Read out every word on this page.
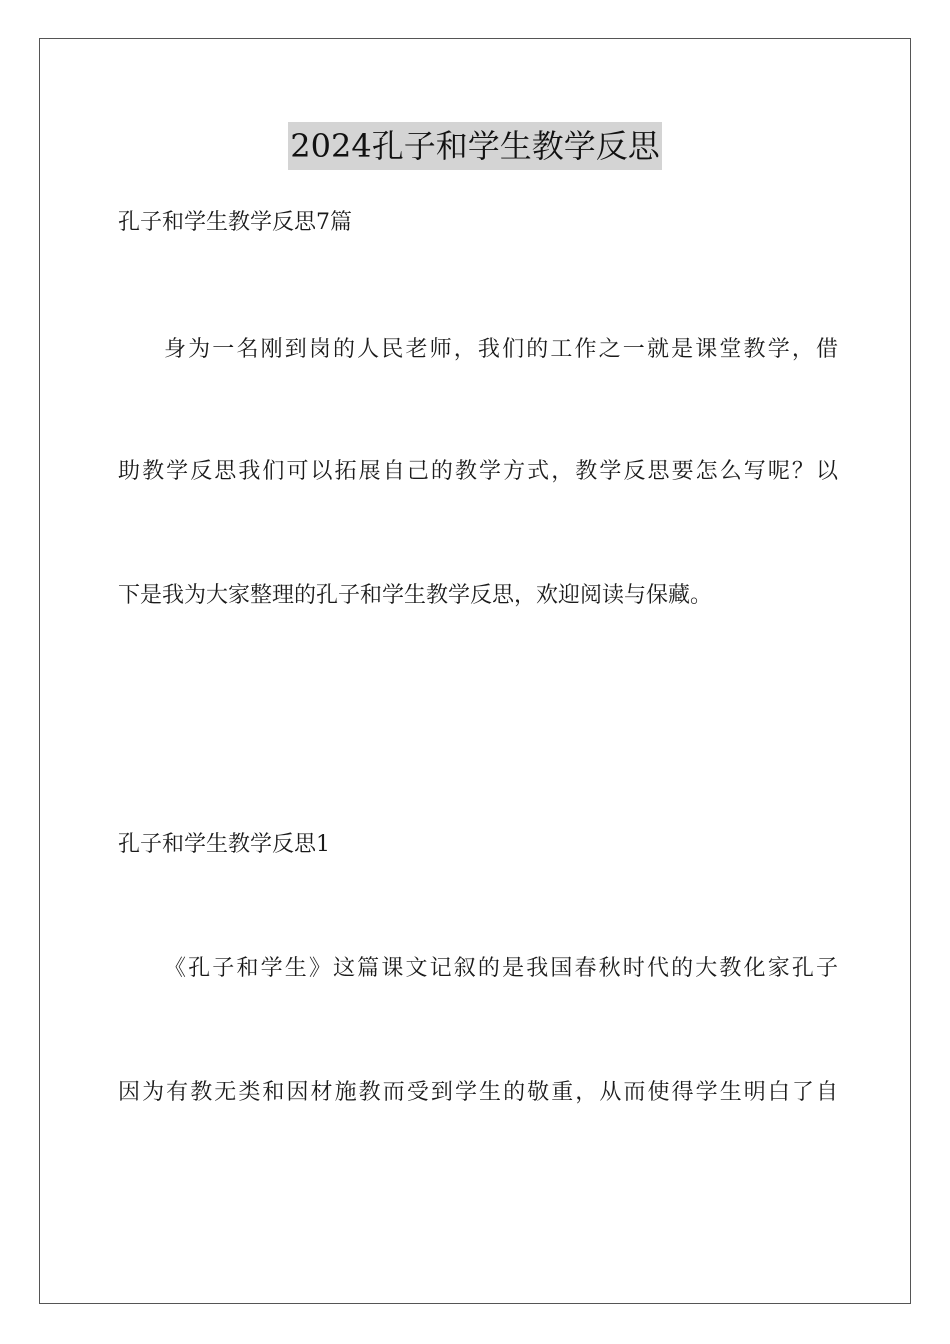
2024孔子和学生教学反思
孔子和学生教学反思7篇
身为一名刚到岗的人民老师，我们的工作之一就是课堂教学，借
助教学反思我们可以拓展自己的教学方式，教学反思要怎么写呢？以
下是我为大家整理的孔子和学生教学反思，欢迎阅读与保藏。
孔子和学生教学反思1
《孔子和学生》这篇课文记叙的是我国春秋时代的大教化家孔子
因为有教无类和因材施教而受到学生的敬重，从而使得学生明白了自
